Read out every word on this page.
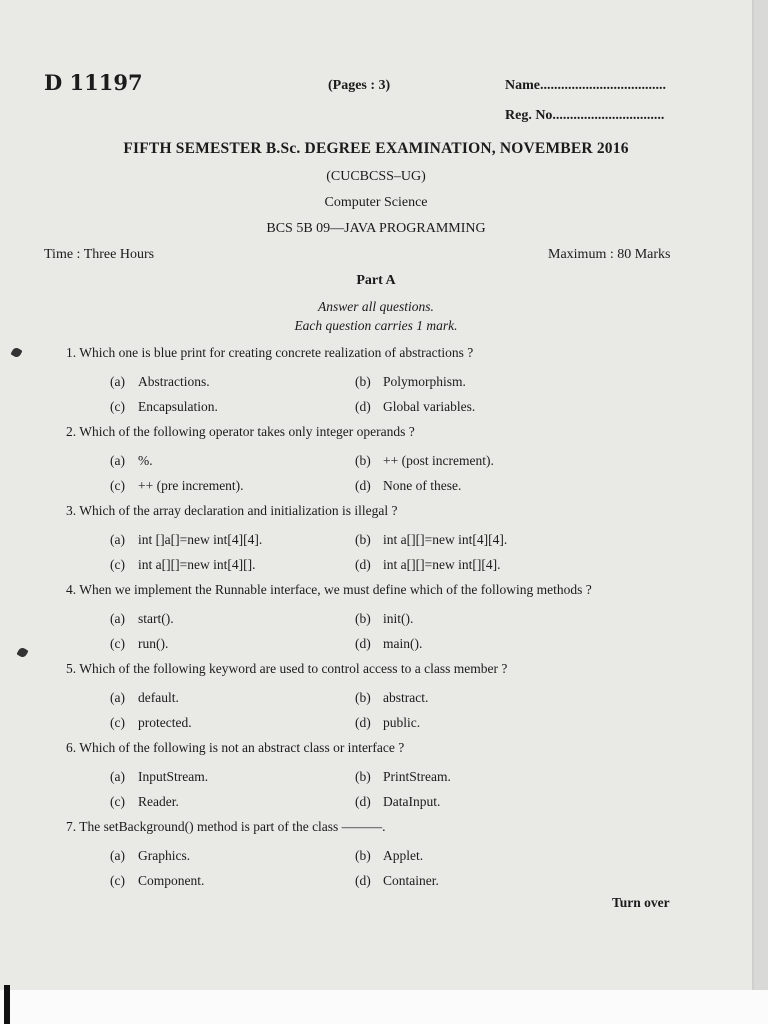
D 11197	(Pages : 3)	Name....................................
Reg. No................................
FIFTH SEMESTER B.Sc. DEGREE EXAMINATION, NOVEMBER 2016
(CUCBCSS–UG)
Computer Science
BCS 5B 09—JAVA PROGRAMMING
Time : Three Hours	Maximum : 80 Marks
Part A
Answer all questions.
Each question carries 1 mark.
1. Which one is blue print for creating concrete realization of abstractions ?
(a) Abstractions.	(b) Polymorphism.
(c) Encapsulation.	(d) Global variables.
2. Which of the following operator takes only integer operands ?
(a) %.	(b) ++ (post increment).
(c) ++ (pre increment).	(d) None of these.
3. Which of the array declaration and initialization is illegal ?
(a) int []a[]=new int[4][4].	(b) int a[][]=new int[4][4].
(c) int a[][]=new int[4][].	(d) int a[][]=new int[][4].
4. When we implement the Runnable interface, we must define which of the following methods ?
(a) start().	(b) init().
(c) run().	(d) main().
5. Which of the following keyword are used to control access to a class member ?
(a) default.	(b) abstract.
(c) protected.	(d) public.
6. Which of the following is not an abstract class or interface ?
(a) InputStream.	(b) PrintStream.
(c) Reader.	(d) DataInput.
7. The setBackground() method is part of the class ———.
(a) Graphics.	(b) Applet.
(c) Component.	(d) Container.
Turn over
